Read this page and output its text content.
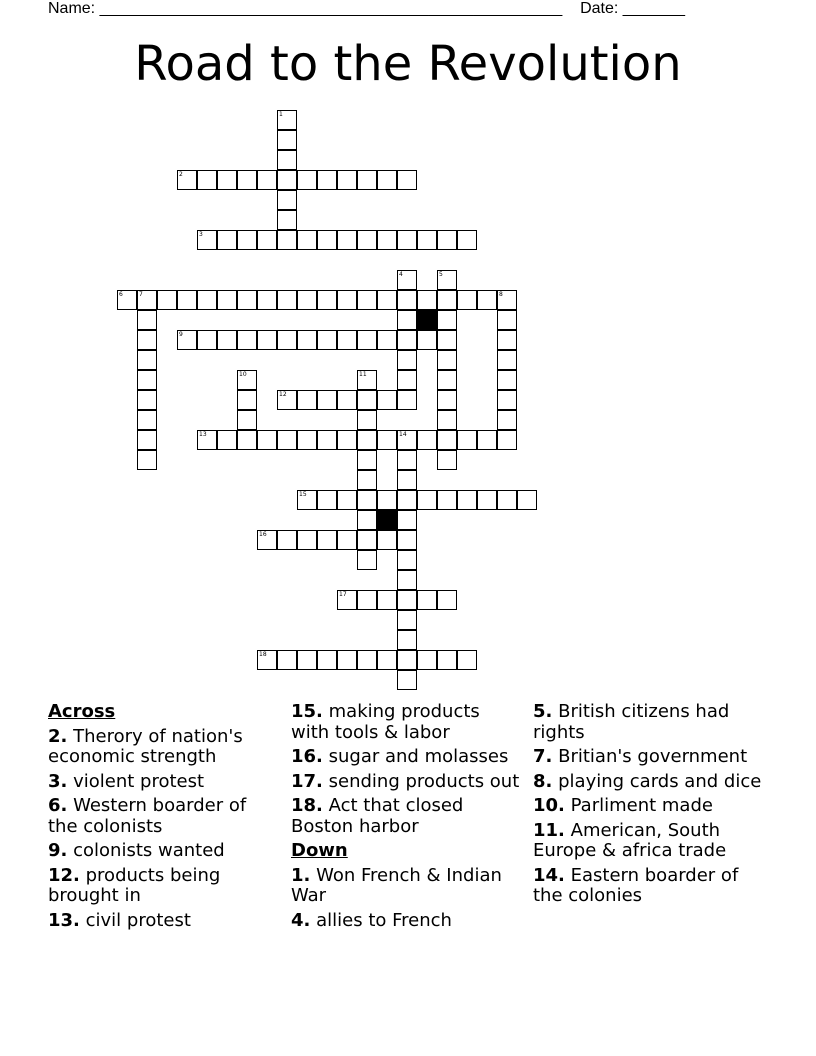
Name: ____________________________________________________ Date: _______
Road to the Revolution
1
2
3
4	5
6	7	8
9
10	11
12
13	14
15
16
17
18
Across
2. Therory of nation's economic strength
3. violent protest
6. Western boarder of the colonists
9. colonists wanted
12. products being brought in
13. civil protest
15. making products with tools & labor
16. sugar and molasses
17. sending products out
18. Act that closed Boston harbor
Down
1. Won French & Indian War
4. allies to French
5. British citizens had rights
7. Britian's government
8. playing cards and dice
10. Parliment made
11. American, South Europe & africa trade
14. Eastern boarder of the colonies
